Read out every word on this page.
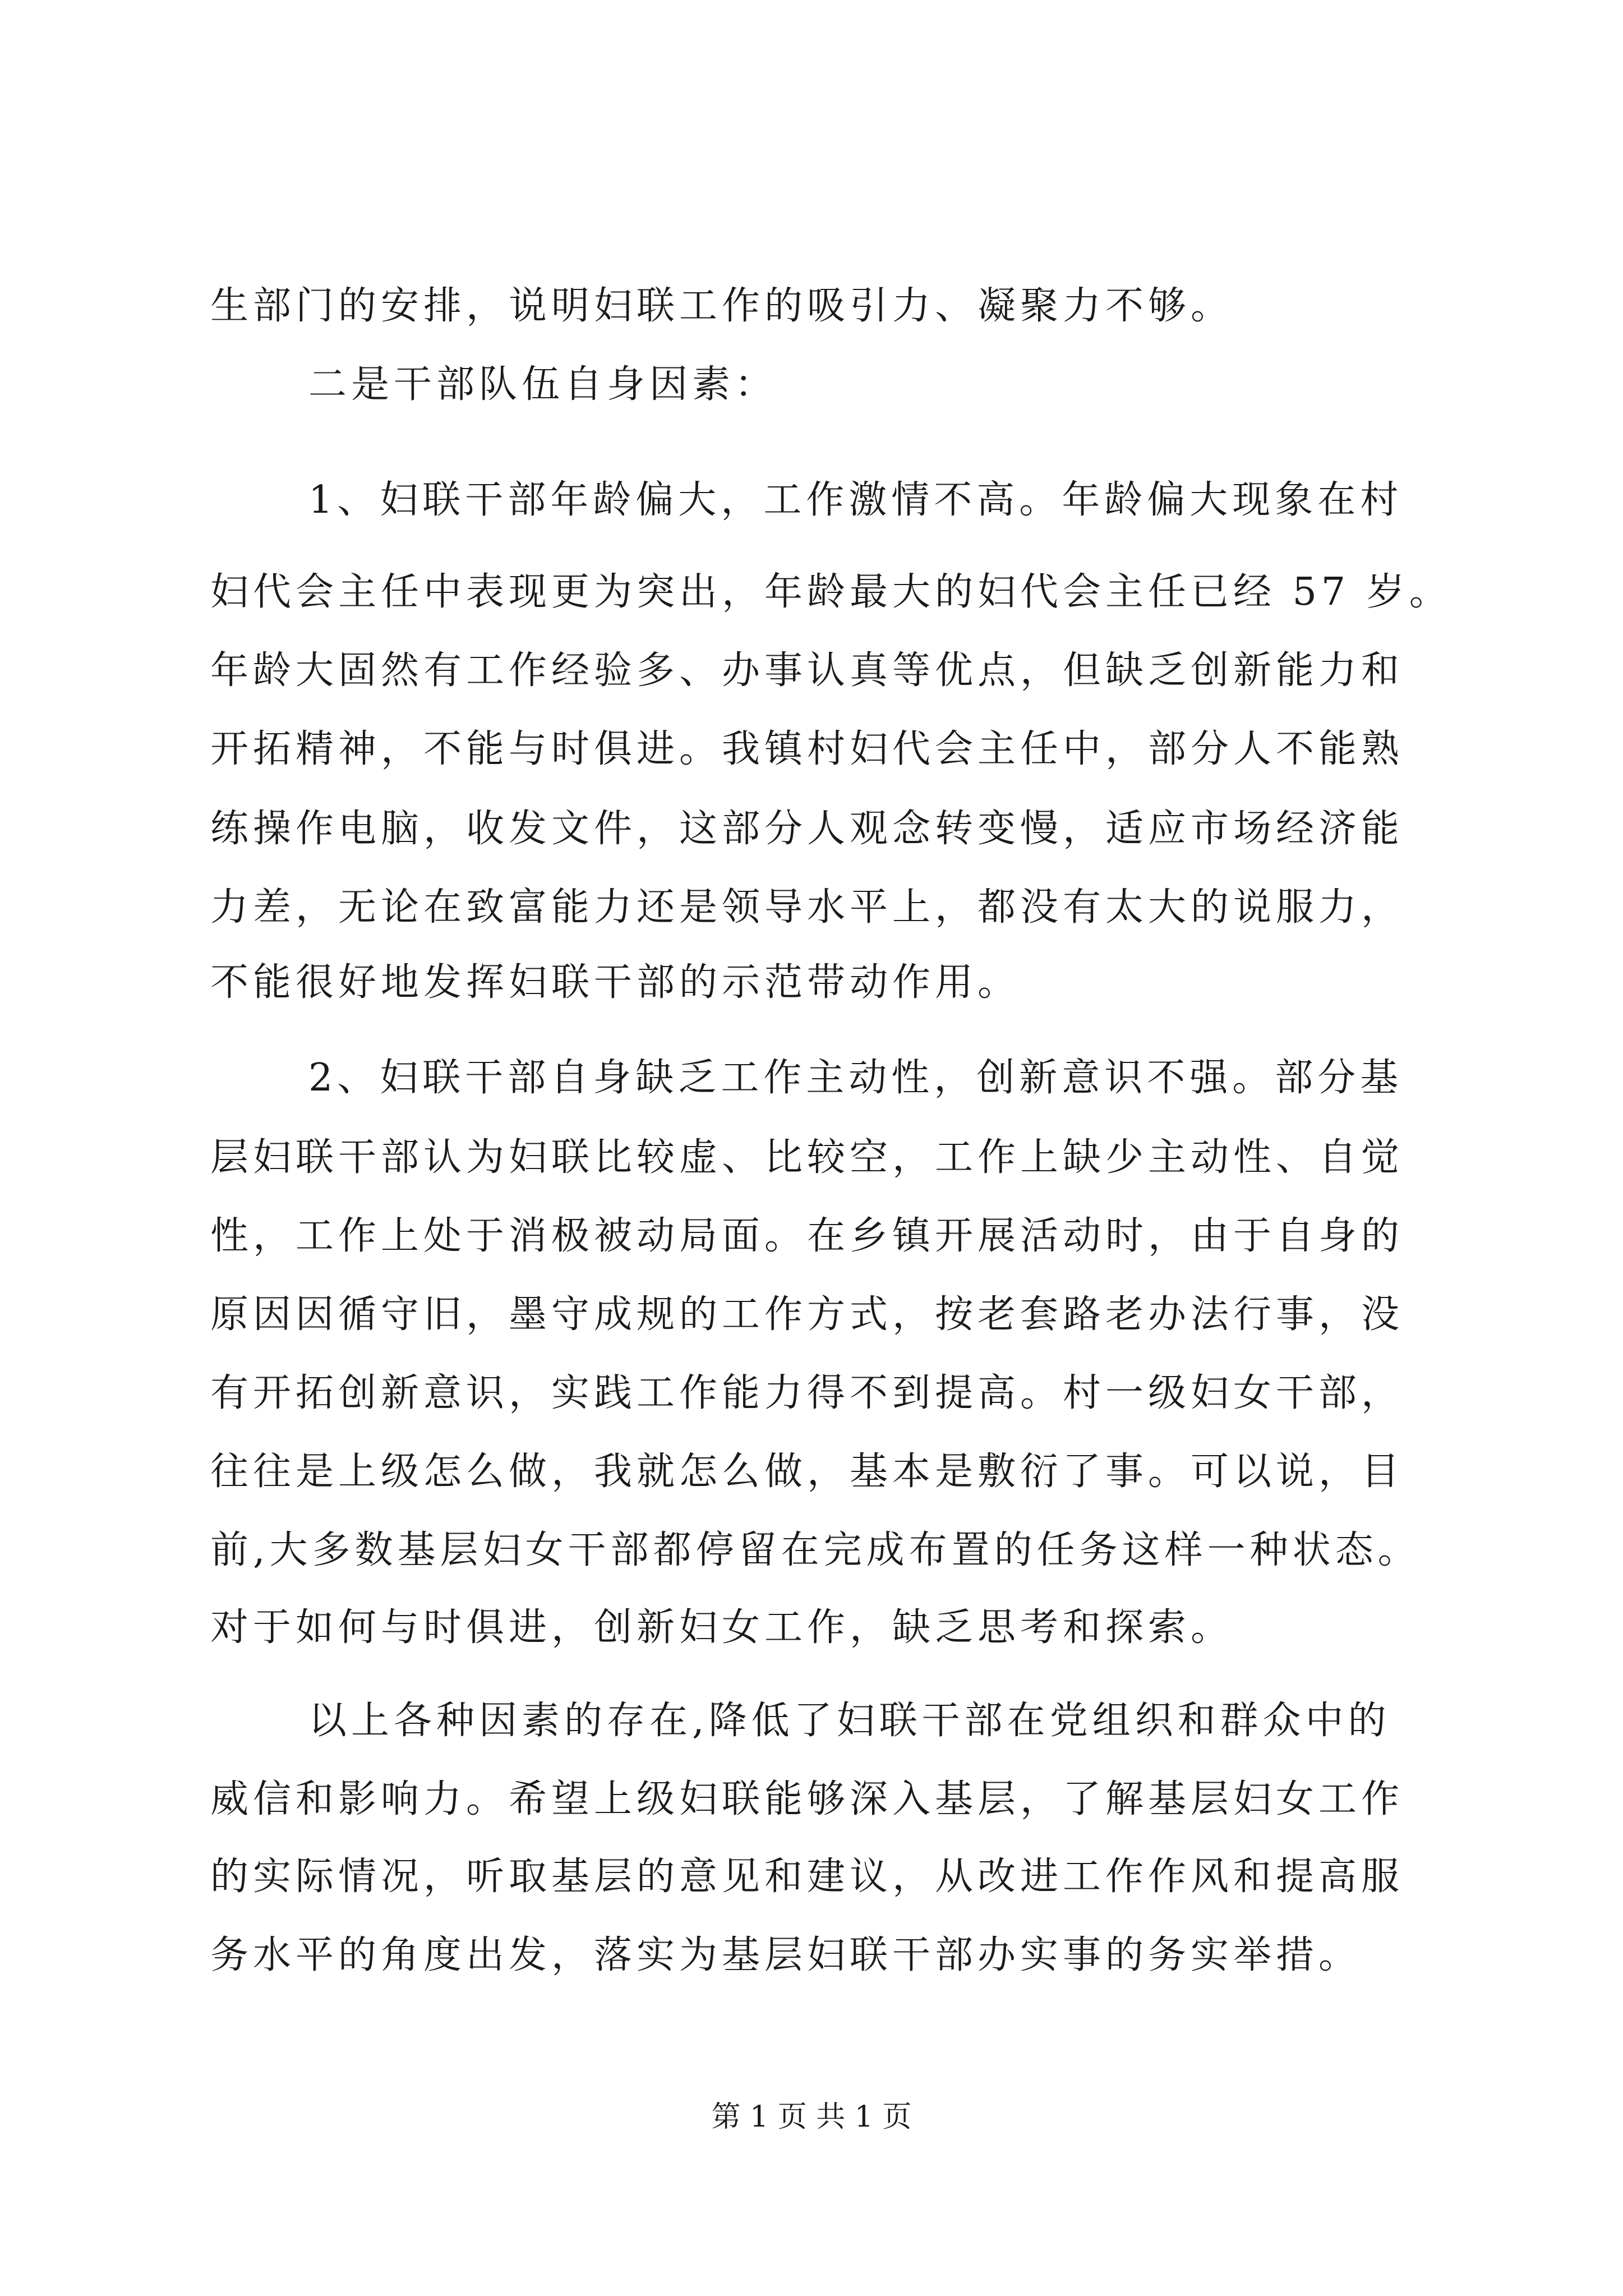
生部门的安排，说明妇联工作的吸引力、凝聚力不够。
二是干部队伍自身因素：
1、妇联干部年龄偏大，工作激情不高。年龄偏大现象在村
妇代会主任中表现更为突出，年龄最大的妇代会主任已经 57 岁。
年龄大固然有工作经验多、办事认真等优点，但缺乏创新能力和
开拓精神，不能与时俱进。我镇村妇代会主任中，部分人不能熟
练操作电脑，收发文件，这部分人观念转变慢，适应市场经济能
力差，无论在致富能力还是领导水平上，都没有太大的说服力，
不能很好地发挥妇联干部的示范带动作用。
2、妇联干部自身缺乏工作主动性，创新意识不强。部分基
层妇联干部认为妇联比较虚、比较空，工作上缺少主动性、自觉
性，工作上处于消极被动局面。在乡镇开展活动时，由于自身的
原因因循守旧，墨守成规的工作方式，按老套路老办法行事，没
有开拓创新意识，实践工作能力得不到提高。村一级妇女干部，
往往是上级怎么做，我就怎么做，基本是敷衍了事。可以说，目
前,大多数基层妇女干部都停留在完成布置的任务这样一种状态。
对于如何与时俱进，创新妇女工作，缺乏思考和探索。
以上各种因素的存在,降低了妇联干部在党组织和群众中的
威信和影响力。希望上级妇联能够深入基层，了解基层妇女工作
的实际情况，听取基层的意见和建议，从改进工作作风和提高服
务水平的角度出发，落实为基层妇联干部办实事的务实举措。
第 1 页 共 1 页
